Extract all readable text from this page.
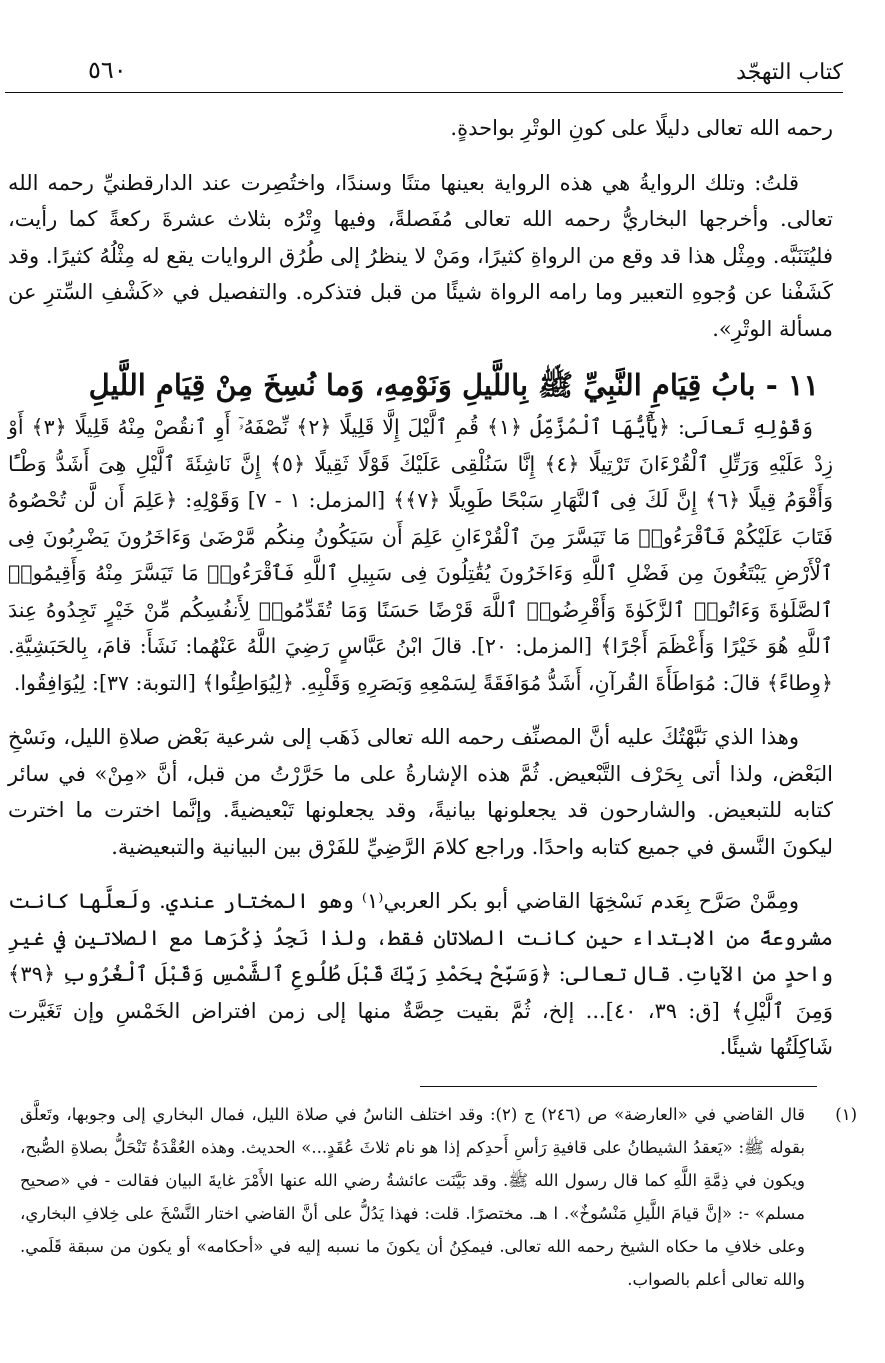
٥٦٠	كتاب التهجّد

رحمه الله تعالى دليلًا على كونِ الوتْرِ بواحدةٍ.

قلتُ: وتلك الروايةُ هي هذه الرواية بعينها متنًا وسندًا، واختُصِرت عند الدارقطنيِّ رحمه الله تعالى. وأخرجها البخاريُّ رحمه الله تعالى مُفَصلةً، وفيها وِتْرُه بثلاث عشرةَ ركعةً كما رأيت، فليُتَنَبَّه. ومِثْل هذا قد وقع من الرواةِ كثيرًا، ومَنْ لا ينظرُ إلى طُرُق الروايات يقع له مِثْلُهُ كثيرًا. وقد كَشَفْنا عن وُجوهِ التعبير وما رامه الرواة شيئًا من قبل فتذكره. والتفصيل في «كَشْفِ السِّترِ عن مسألة الوتْرِ».

١١ - بابُ قِيَامِ النَّبِيِّ ﷺ بِاللَّيلِ وَنَوْمِهِ، وَما نُسِخَ مِنْ قِيَامِ اللَّيلِ

وَقَوْلِهِ تَعالَى: ﴿يَٰٓأَيُّهَا ٱلْمُزَّمِّلُ ﴿١﴾ قُمِ ٱلَّيْلَ إِلَّا قَلِيلًا ﴿٢﴾ نِّصْفَهُۥٓ أَوِ ٱنقُصْ مِنْهُ قَلِيلًا ﴿٣﴾ أَوْ زِدْ عَلَيْهِ وَرَتِّلِ ٱلْقُرْءَانَ تَرْتِيلًا ﴿٤﴾ إِنَّا سَنُلْقِى عَلَيْكَ قَوْلًا ثَقِيلًا ﴿٥﴾ إِنَّ نَاشِئَةَ ٱلَّيْلِ هِىَ أَشَدُّ وَطْـًٔا وَأَقْوَمُ قِيلًا ﴿٦﴾ إِنَّ لَكَ فِى ٱلنَّهَارِ سَبْحًا طَوِيلًا ﴿٧﴾﴾ [المزمل: ١ - ٧] وَقَوْلِهِ: ﴿عَلِمَ أَن لَّن تُحْصُوهُ فَتَابَ عَلَيْكُمْ فَٱقْرَءُوا۟ مَا تَيَسَّرَ مِنَ ٱلْقُرْءَانِ عَلِمَ أَن سَيَكُونُ مِنكُم مَّرْضَىٰ وَءَاخَرُونَ يَضْرِبُونَ فِى ٱلْأَرْضِ يَبْتَغُونَ مِن فَضْلِ ٱللَّهِ وَءَاخَرُونَ يُقَٰتِلُونَ فِى سَبِيلِ ٱللَّهِ فَٱقْرَءُوا۟ مَا تَيَسَّرَ مِنْهُ وَأَقِيمُوا۟ ٱلصَّلَوٰةَ وَءَاتُوا۟ ٱلزَّكَوٰةَ وَأَقْرِضُوا۟ ٱللَّهَ قَرْضًا حَسَنًا وَمَا تُقَدِّمُوا۟ لِأَنفُسِكُم مِّنْ خَيْرٍ تَجِدُوهُ عِندَ ٱللَّهِ هُوَ خَيْرًا وَأَعْظَمَ أَجْرًا﴾ [المزمل: ٢٠]. قالَ ابْنُ عَبَّاسٍ رَضِيَ اللَّهُ عَنْهُما: نَشَأَ: قامَ، بِالحَبَشِيَّةِ. ﴿وِطاءً﴾ قالَ: مُوَاطَأَةَ القُرآنِ، أَشَدُّ مُوَافَقَةً لِسَمْعِهِ وَبَصَرِهِ وَقَلْبِهِ. ﴿لِيُوَاطِئُوا﴾ [التوبة: ٣٧]: لِيُوَافِقُوا.

وهذا الذي نَبَّهْتُكَ عليه أنَّ المصنِّف رحمه الله تعالى ذَهَب إلى شرعية بَعْض صلاةِ الليل، ونَسْخِ البَعْض، ولذا أتى بِحَرْف التَّبْعيض. ثُمَّ هذه الإشارةُ على ما حَرَّرْتُ من قبل، أنَّ «مِنْ» في سائر كتابه للتبعيض. والشارحون قد يجعلونها بيانيةً، وقد يجعلونها تَبْعيضيةً. وإنَّما اخترت ما اخترت ليكونَ النَّسق في جميع كتابه واحدًا. وراجع كلامَ الرَّضِيِّ للفَرْق بين البيانية والتبعيضية.

ومِمَّنْ صَرَّح بِعَدم نَسْخِهَا القاضي أبو بكر العربي⁽١⁾ وهو المختار عندي. ولَعلَّها كانت مشروعةً من الابتداء حين كانت الصلاتان فقط، ولذا نَجِدُ ذِكْرَها مع الصلاتين في غيرِ واحدٍ من الآياتِ. قال تعالى: ﴿وَسَبِّحْ بِحَمْدِ رَبِّكَ قَبْلَ طُلُوعِ ٱلشَّمْسِ وَقَبْلَ ٱلْغُرُوبِ ﴿٣٩﴾ وَمِنَ ٱلَّيْلِ﴾ [ق: ٣٩، ٤٠]... إلخ، ثُمَّ بقيت حِصَّةٌ منها إلى زمن افتراض الخَمْسِ وإن تَغَيَّرت شَاكِلَتُها شيئًا.

(١)
قال القاضي في «العارضة» ص (٢٤٦) ج (٢): وقد اختلف الناسُ في صلاة الليل، فمال البخاري إلى وجوبها، وتَعلَّق بقوله ﷺ: «يَعقدُ الشيطانُ على قافيةِ رَأسِ أَحدِكم إذا هو نام ثلاثَ عُقَدٍ...» الحديث. وهذه العُقْدَةُ تَنْحَلُّ بصلاةِ الصُّبح، ويكون في ذِمَّةِ اللَّهِ كما قال رسول الله ﷺ. وقد بَيَّنَت عائشةُ رضي الله عنها الأَمْرَ غايةَ البيان فقالت - في «صحيح مسلم» -: «إنَّ قيامَ اللَّيلِ مَنْسُوخٌ». ا هـ. مختصرًا. قلت: فهذا يَدُلُّ على أنَّ القاضي اختار النَّسْخَ على خِلافِ البخاري، وعلى خلافِ ما حكاه الشيخ رحمه الله تعالى. فيمكِنُ أن يكونَ ما نسبه إليه في «أحكامه» أو يكون من سبقة قَلَمي. والله تعالى أعلم بالصواب.
